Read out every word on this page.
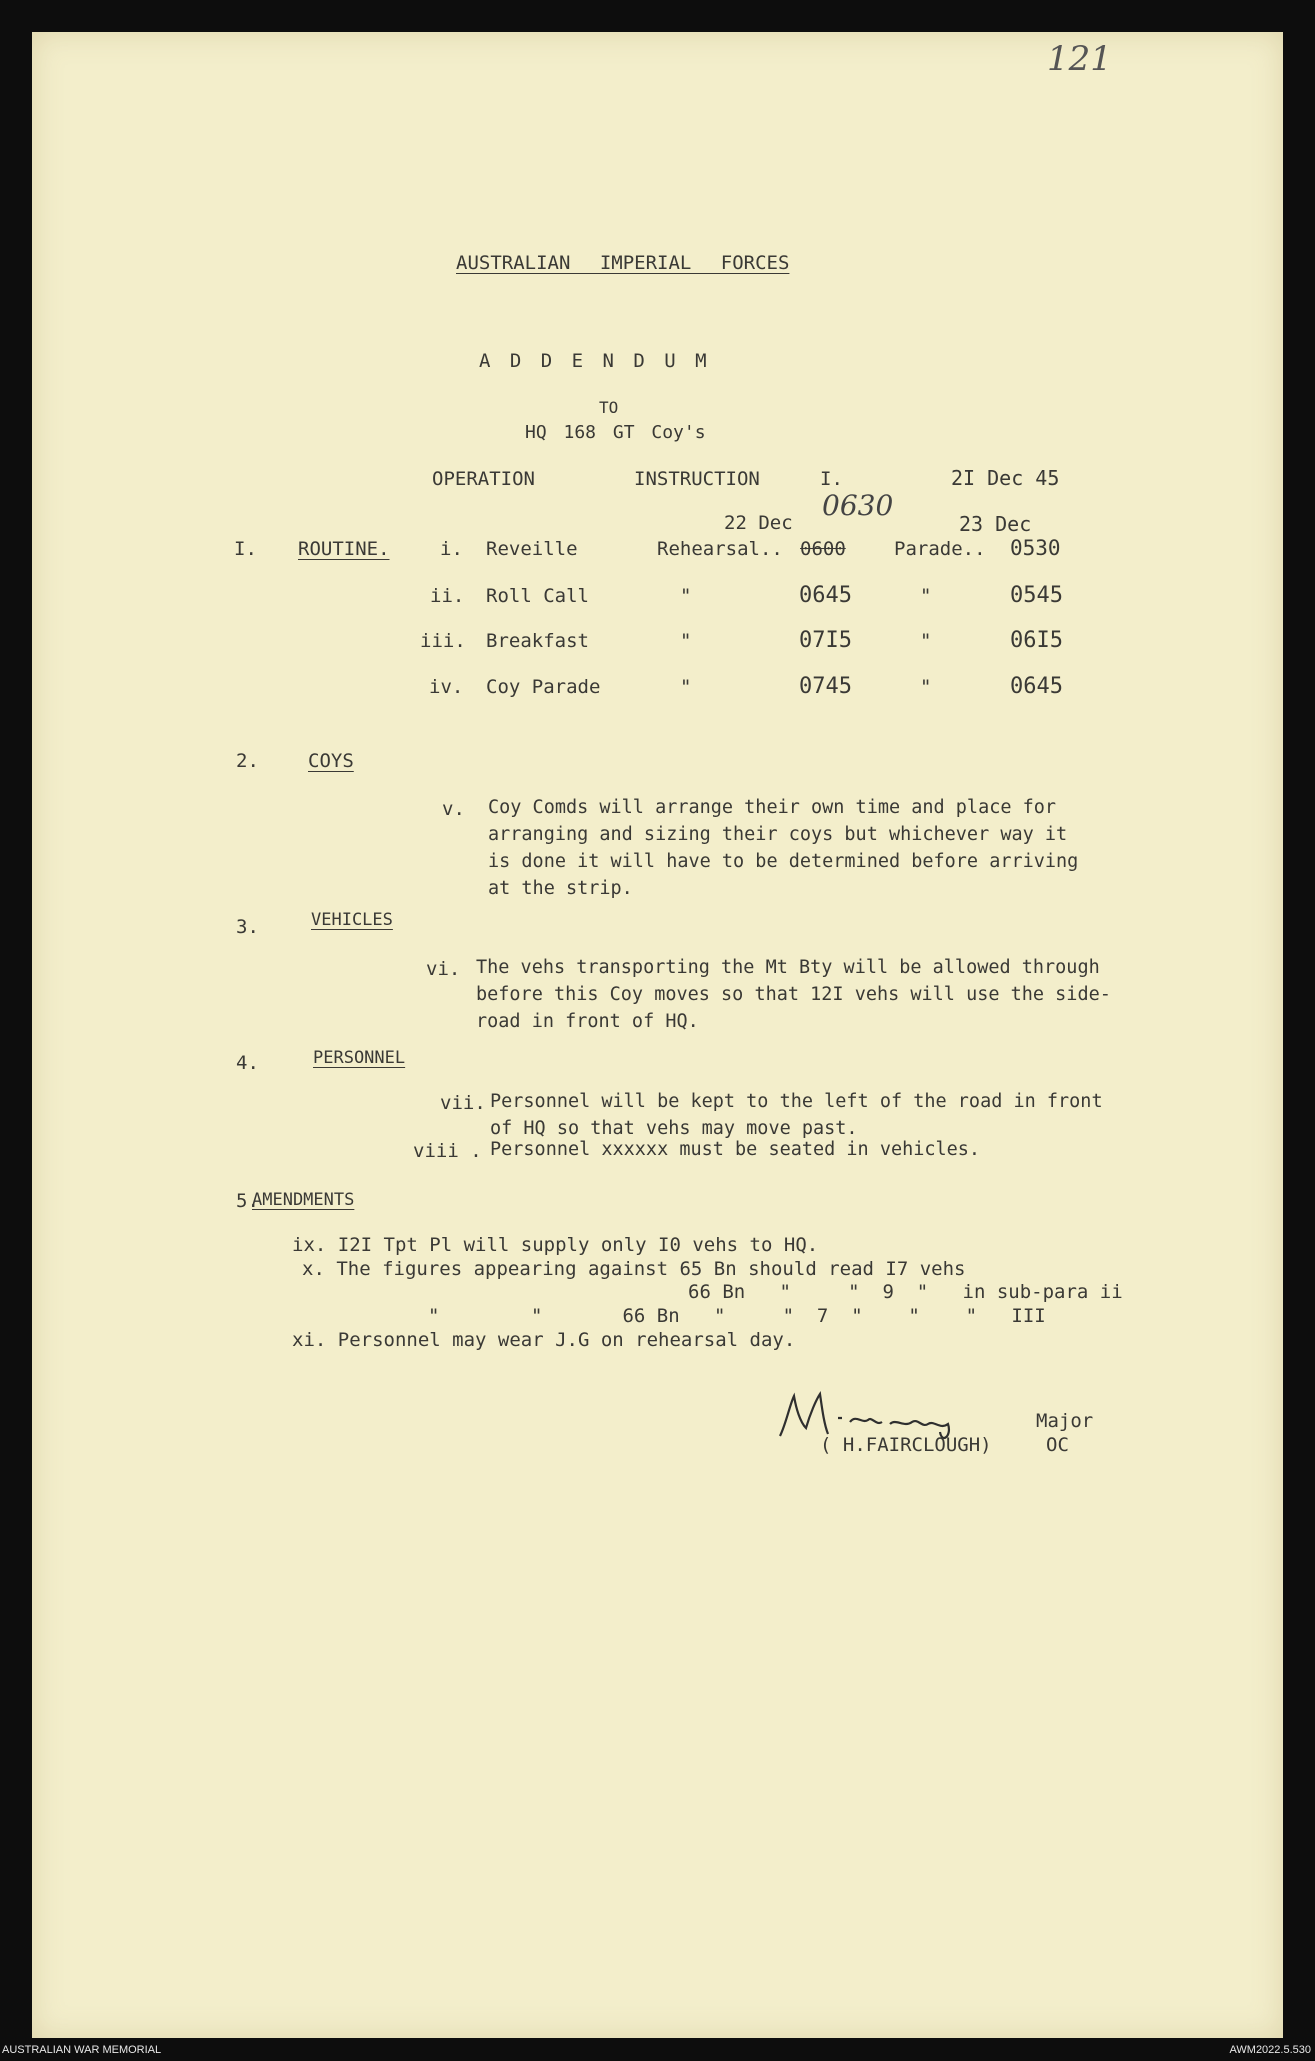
121
AUSTRALIAN IMPERIAL FORCES
A D D E N D U M
TO
HQ 168 GT Coy's
OPERATION	INSTRUCTION	I.	2I Dec 45
I. ROUTINE.
22 Dec
0630
23 Dec
i. Reveille	Rehearsal.. 0600	Parade.. 0530
ii. Roll Call	"	0645	"	0545
iii. Breakfast	"	07I5	"	06I5
iv. Coy Parade	"	0745	"	0645
2.	COYS
v. Coy Comds will arrange their own time and place for
arranging and sizing their coys but whichever way it
is done it will have to be determined before arriving
at the strip.
3.	VEHICLES
vi. The vehs transporting the Mt Bty will be allowed through
before this Coy moves so that 12I vehs will use the side-
road in front of HQ.
4.	PERSONNEL
vii. Personnel will be kept to the left of the road in front
of HQ so that vehs may move past.
viii . Personnel xxxxxx must be seated in vehicles.
5.
AMENDMENTS
ix. I2I Tpt Pl will supply only I0 vehs to HQ.
x. The figures appearing against 65 Bn should read I7 vehs
66 Bn   "     "  9  "   in sub-para ii
"        "       66 Bn   "     "  7  "    "    "   III
xi. Personnel may wear J.G on rehearsal day.
Major
( H.FAIRCLOUGH)	OC
AUSTRALIAN WAR MEMORIAL	AWM2022.5.530
